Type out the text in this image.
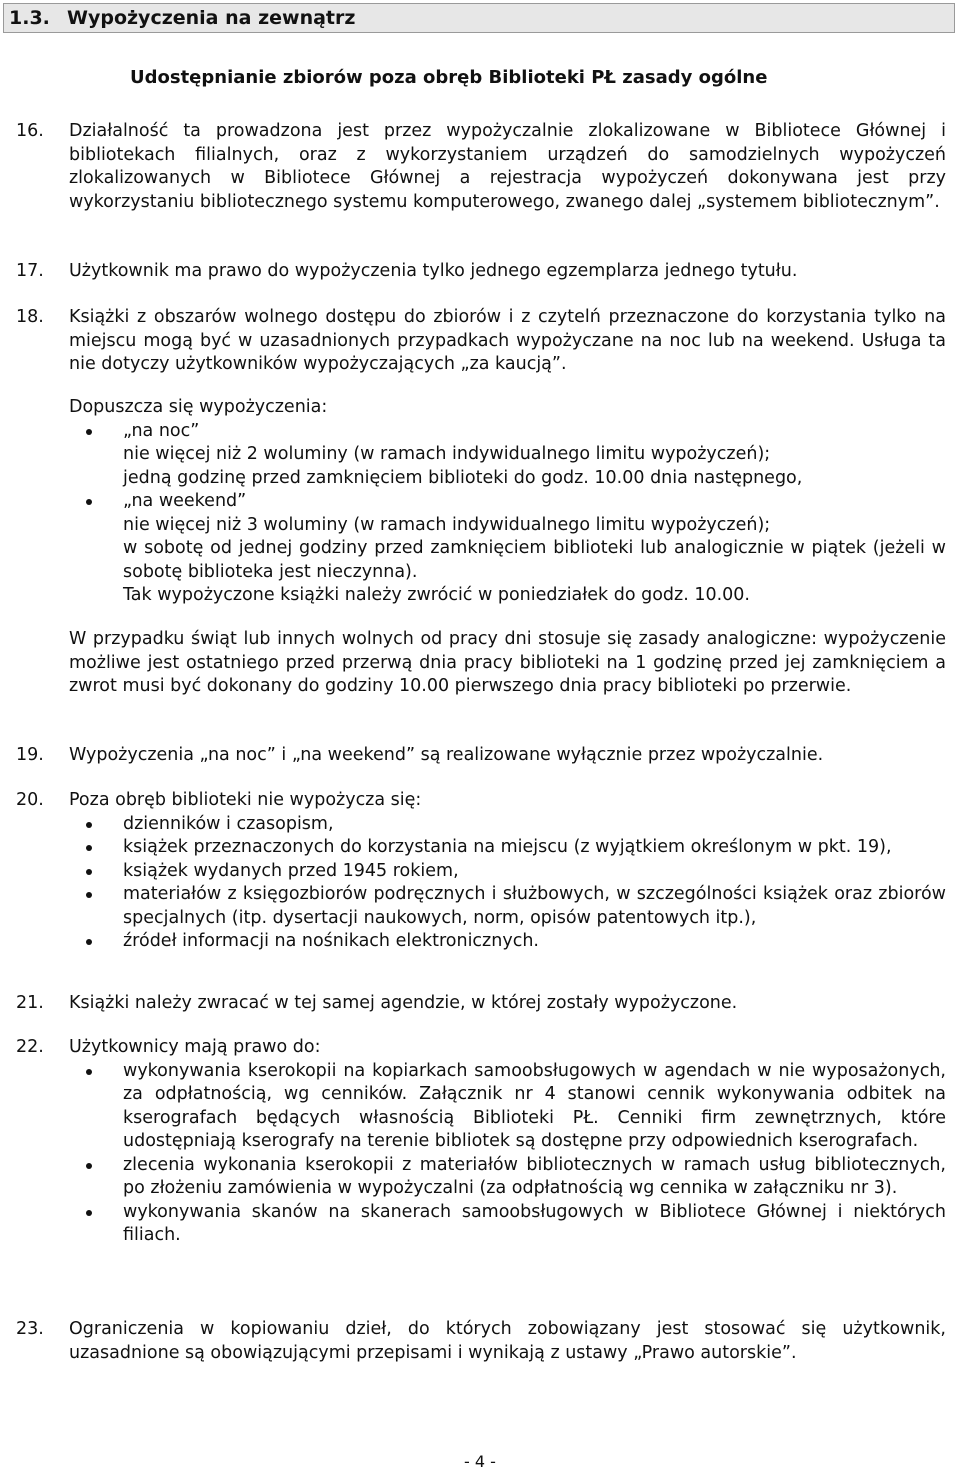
1.3. Wypożyczenia na zewnątrz
Udostępnianie zbiorów poza obręb Biblioteki PŁ zasady ogólne
16. Działalność ta prowadzona jest przez wypożyczalnie zlokalizowane w Bibliotece Głównej i bibliotekach filialnych, oraz z wykorzystaniem urządzeń do samodzielnych wypożyczeń zlokalizowanych w Bibliotece Głównej a rejestracja wypożyczeń dokonywana jest przy wykorzystaniu bibliotecznego systemu komputerowego, zwanego dalej „systemem bibliotecznym”.

17. Użytkownik ma prawo do wypożyczenia tylko jednego egzemplarza jednego tytułu.

18. Książki z obszarów wolnego dostępu do zbiorów i z czytelń przeznaczone do korzystania tylko na miejscu mogą być w uzasadnionych przypadkach wypożyczane na noc lub na weekend. Usługa ta nie dotyczy użytkowników wypożyczających „za kaucją”.

Dopuszcza się wypożyczenia:

„na noc”
nie więcej niż 2 woluminy (w ramach indywidualnego limitu wypożyczeń);
jedną godzinę przed zamknięciem biblioteki do godz. 10.00 dnia następnego,
„na weekend”
nie więcej niż 3 woluminy (w ramach indywidualnego limitu wypożyczeń);
w sobotę od jednej godziny przed zamknięciem biblioteki lub analogicznie w piątek (jeżeli w sobotę biblioteka jest nieczynna).
Tak wypożyczone książki należy zwrócić w poniedziałek do godz. 10.00.

W przypadku świąt lub innych wolnych od pracy dni stosuje się zasady analogiczne: wypożyczenie możliwe jest ostatniego przed przerwą dnia pracy biblioteki na 1 godzinę przed jej zamknięciem a zwrot musi być dokonany do godziny 10.00 pierwszego dnia pracy biblioteki po przerwie.

19. Wypożyczenia „na noc” i „na weekend” są realizowane wyłącznie przez wpożyczalnie.

20. Poza obręb biblioteki nie wypożycza się:

dzienników i czasopism,
książek przeznaczonych do korzystania na miejscu (z wyjątkiem określonym w pkt. 19),
książek wydanych przed 1945 rokiem,
materiałów z księgozbiorów podręcznych i służbowych, w szczególności książek oraz zbiorów specjalnych (itp. dysertacji naukowych, norm, opisów patentowych itp.),
źródeł informacji na nośnikach elektronicznych.
21. Książki należy zwracać w tej samej agendzie, w której zostały wypożyczone.

22. Użytkownicy mają prawo do:

wykonywania kserokopii na kopiarkach samoobsługowych w agendach w nie wyposażonych, za odpłatnością, wg cenników. Załącznik nr 4 stanowi cennik wykonywania odbitek na kserografach będących własnością Biblioteki PŁ. Cenniki firm zewnętrznych, które udostępniają kserografy na terenie bibliotek są dostępne przy odpowiednich kserografach.
zlecenia wykonania kserokopii z materiałów bibliotecznych w ramach usług bibliotecznych, po złożeniu zamówienia w wypożyczalni (za odpłatnością wg cennika w załączniku nr 3).
wykonywania skanów na skanerach samoobsługowych w Bibliotece Głównej i niektórych filiach.
23. Ograniczenia w kopiowaniu dzieł, do których zobowiązany jest stosować się użytkownik, uzasadnione są obowiązującymi przepisami i wynikają z ustawy „Prawo autorskie”.

- 4 -
